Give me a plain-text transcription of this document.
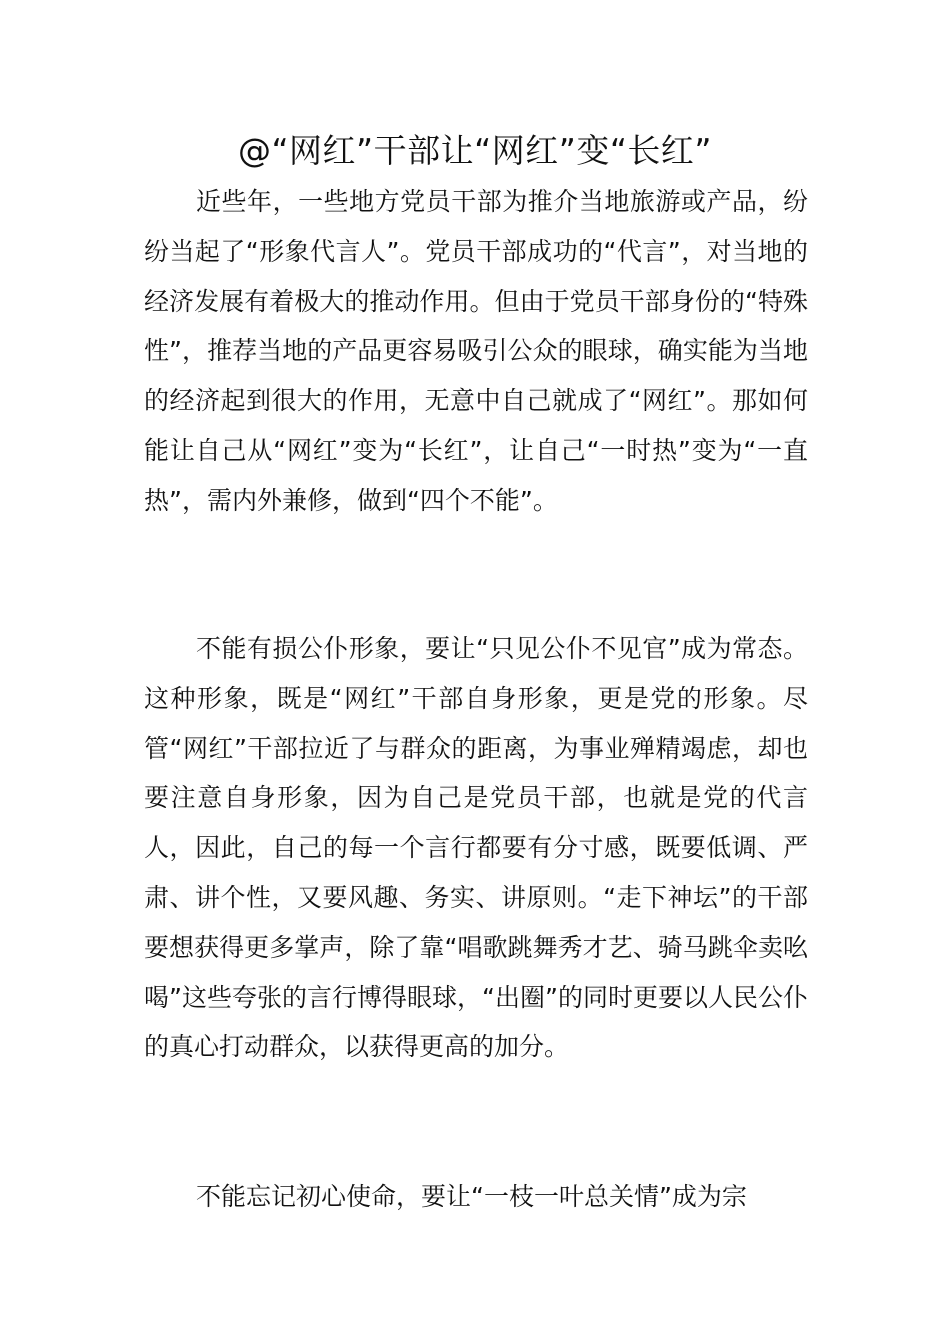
@“网红”干部让“网红”变“长红”

近些年，一些地方党员干部为推介当地旅游或产品，纷纷当起了“形象代言人”。党员干部成功的“代言”，对当地的经济发展有着极大的推动作用。但由于党员干部身份的“特殊性”，推荐当地的产品更容易吸引公众的眼球，确实能为当地的经济起到很大的作用，无意中自己就成了“网红”。那如何能让自己从“网红”变为“长红”，让自己“一时热”变为“一直热”，需内外兼修，做到“四个不能”。

不能有损公仆形象，要让“只见公仆不见官”成为常态。这种形象，既是“网红”干部自身形象，更是党的形象。尽管“网红”干部拉近了与群众的距离，为事业殚精竭虑，却也要注意自身形象，因为自己是党员干部，也就是党的代言人，因此，自己的每一个言行都要有分寸感，既要低调、严肃、讲个性，又要风趣、务实、讲原则。“走下神坛”的干部要想获得更多掌声，除了靠“唱歌跳舞秀才艺、骑马跳伞卖吆喝”这些夸张的言行博得眼球，“出圈”的同时更要以人民公仆的真心打动群众，以获得更高的加分。

不能忘记初心使命，要让“一枝一叶总关情”成为宗
